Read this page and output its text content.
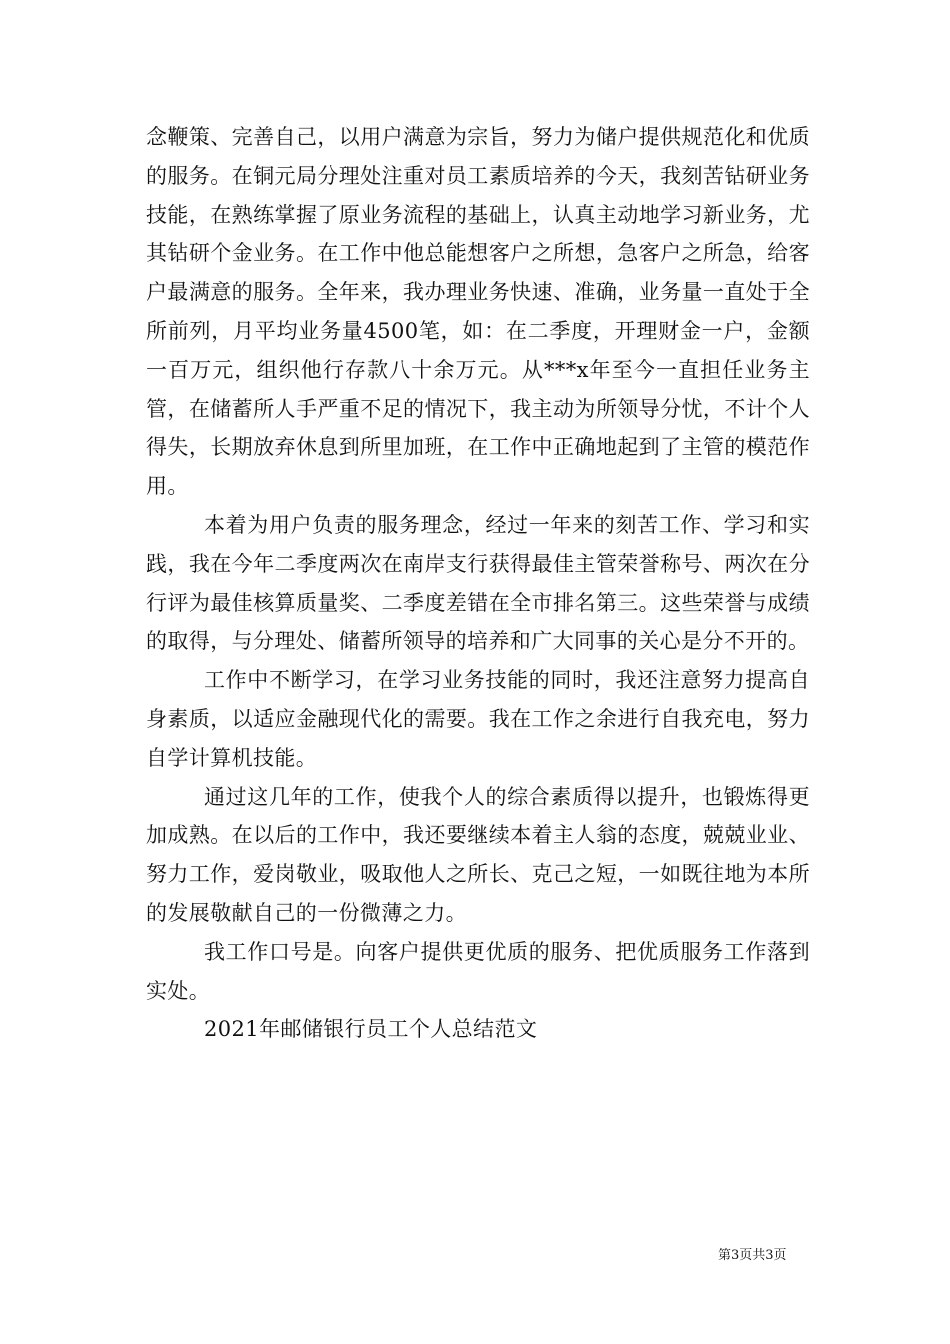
念鞭策、完善自己，以用户满意为宗旨，努力为储户提供规范化和优质的服务。在铜元局分理处注重对员工素质培养的今天，我刻苦钻研业务技能，在熟练掌握了原业务流程的基础上，认真主动地学习新业务，尤其钻研个金业务。在工作中他总能想客户之所想，急客户之所急，给客户最满意的服务。全年来，我办理业务快速、准确，业务量一直处于全所前列，月平均业务量4500笔，如：在二季度，开理财金一户，金额一百万元，组织他行存款八十余万元。从***x年至今一直担任业务主管，在储蓄所人手严重不足的情况下，我主动为所领导分忧，不计个人得失，长期放弃休息到所里加班，在工作中正确地起到了主管的模范作用。

本着为用户负责的服务理念，经过一年来的刻苦工作、学习和实践，我在今年二季度两次在南岸支行获得最佳主管荣誉称号、两次在分行评为最佳核算质量奖、二季度差错在全市排名第三。这些荣誉与成绩的取得，与分理处、储蓄所领导的培养和广大同事的关心是分不开的。

工作中不断学习，在学习业务技能的同时，我还注意努力提高自身素质，以适应金融现代化的需要。我在工作之余进行自我充电，努力自学计算机技能。

通过这几年的工作，使我个人的综合素质得以提升，也锻炼得更加成熟。在以后的工作中，我还要继续本着主人翁的态度，兢兢业业、努力工作，爱岗敬业，吸取他人之所长、克己之短，一如既往地为本所的发展敬献自己的一份微薄之力。

我工作口号是。向客户提供更优质的服务、把优质服务工作落到实处。

2021年邮储银行员工个人总结范文

第3页共3页
